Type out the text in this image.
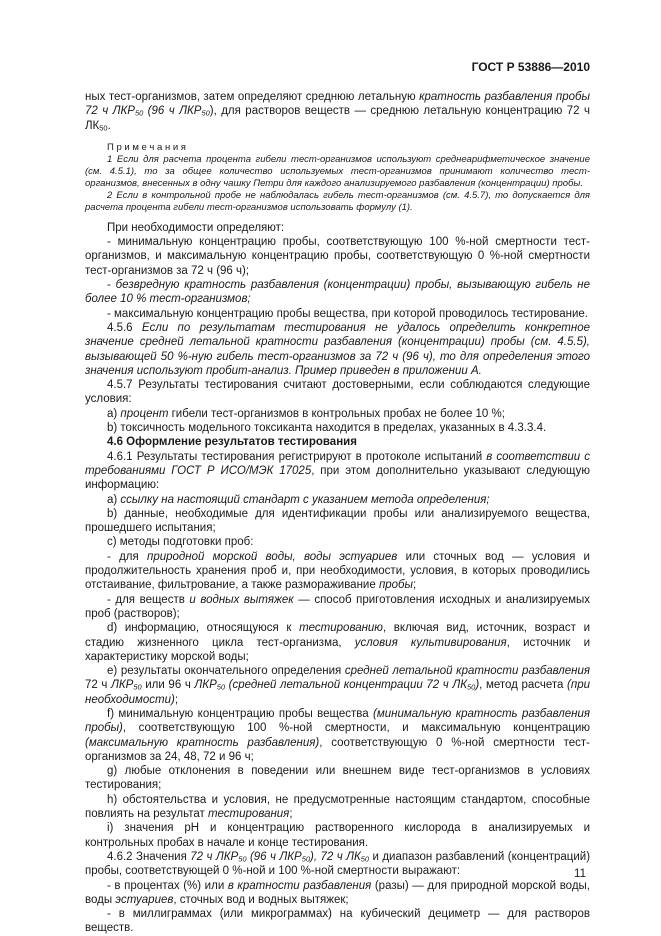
ГОСТ Р 53886—2010
ных тест-организмов, затем определяют среднюю летальную кратность разбавления пробы 72 ч $ЛКР_{50}$ (96 ч $ЛКР_{50}$), для растворов веществ — среднюю летальную концентрацию 72 ч $ЛК_{50}$.
П р и м е ч а н и я
1 Если для расчета процента гибели тест-организмов используют среднеарифметическое значение (см. 4.5.1), то за общее количество используемых тест-организмов принимают количество тест-организмов, внесенных в одну чашку Петри для каждого анализируемого разбавления (концентрации) пробы.
2 Если в контрольной пробе не наблюдалась гибель тест-организмов (см. 4.5.7), то допускается для расчета процента гибели тест-организмов использовать формулу (1).
При необходимости определяют:
- минимальную концентрацию пробы, соответствующую 100 %-ной смертности тест-организмов, и максимальную концентрацию пробы, соответствующую 0 %-ной смертности тест-организмов за 72 ч (96 ч);
- безвредную кратность разбавления (концентрации) пробы, вызывающую гибель не более 10 % тест-организмов;
- максимальную концентрацию пробы вещества, при которой проводилось тестирование.
4.5.6 Если по результатам тестирования не удалось определить конкретное значение средней летальной кратности разбавления (концентрации) пробы (см. 4.5.5), вызывающей 50 %-ную гибель тест-организмов за 72 ч (96 ч), то для определения этого значения используют пробит-анализ. Пример приведен в приложении А.
4.5.7 Результаты тестирования считают достоверными, если соблюдаются следующие условия:
a) процент гибели тест-организмов в контрольных пробах не более 10 %;
b) токсичность модельного токсиканта находится в пределах, указанных в 4.3.3.4.
4.6 Оформление результатов тестирования
4.6.1 Результаты тестирования регистрируют в протоколе испытаний в соответствии с требованиями ГОСТ Р ИСО/МЭК 17025, при этом дополнительно указывают следующую информацию:
a) ссылку на настоящий стандарт с указанием метода определения;
b) данные, необходимые для идентификации пробы или анализируемого вещества, прошедшего испытания;
c) методы подготовки проб:
- для природной морской воды, воды эстуариев или сточных вод — условия и продолжительность хранения проб и, при необходимости, условия, в которых проводились отстаивание, фильтрование, а также размораживание пробы;
- для веществ и водных вытяжек — способ приготовления исходных и анализируемых проб (растворов);
d) информацию, относящуюся к тестированию, включая вид, источник, возраст и стадию жизненного цикла тест-организма, условия культивирования, источник и характеристику морской воды;
e) результаты окончательного определения средней летальной кратности разбавления 72 ч $ЛКР_{50}$ или 96 ч $ЛКР_{50}$ (средней летальной концентрации 72 ч $ЛК_{50}$), метод расчета (при необходимости);
f) минимальную концентрацию пробы вещества (минимальную кратность разбавления пробы), соответствующую 100 %-ной смертности, и максимальную концентрацию (максимальную кратность разбавления), соответствующую 0 %-ной смертности тест-организмов за 24, 48, 72 и 96 ч;
g) любые отклонения в поведении или внешнем виде тест-организмов в условиях тестирования;
h) обстоятельства и условия, не предусмотренные настоящим стандартом, способные повлиять на результат тестирования;
i) значения pH и концентрацию растворенного кислорода в анализируемых и контрольных пробах в начале и конце тестирования.
4.6.2 Значения 72 ч $ЛКР_{50}$ (96 ч $ЛКР_{50}$), 72 ч $ЛК_{50}$ и диапазон разбавлений (концентраций) пробы, соответствующей 0 %-ной и 100 %-ной смертности выражают:
- в процентах (%) или в кратности разбавления (разы) — для природной морской воды, воды эстуариев, сточных вод и водных вытяжек;
- в миллиграммах (или микрограммах) на кубический дециметр — для растворов веществ.
11
